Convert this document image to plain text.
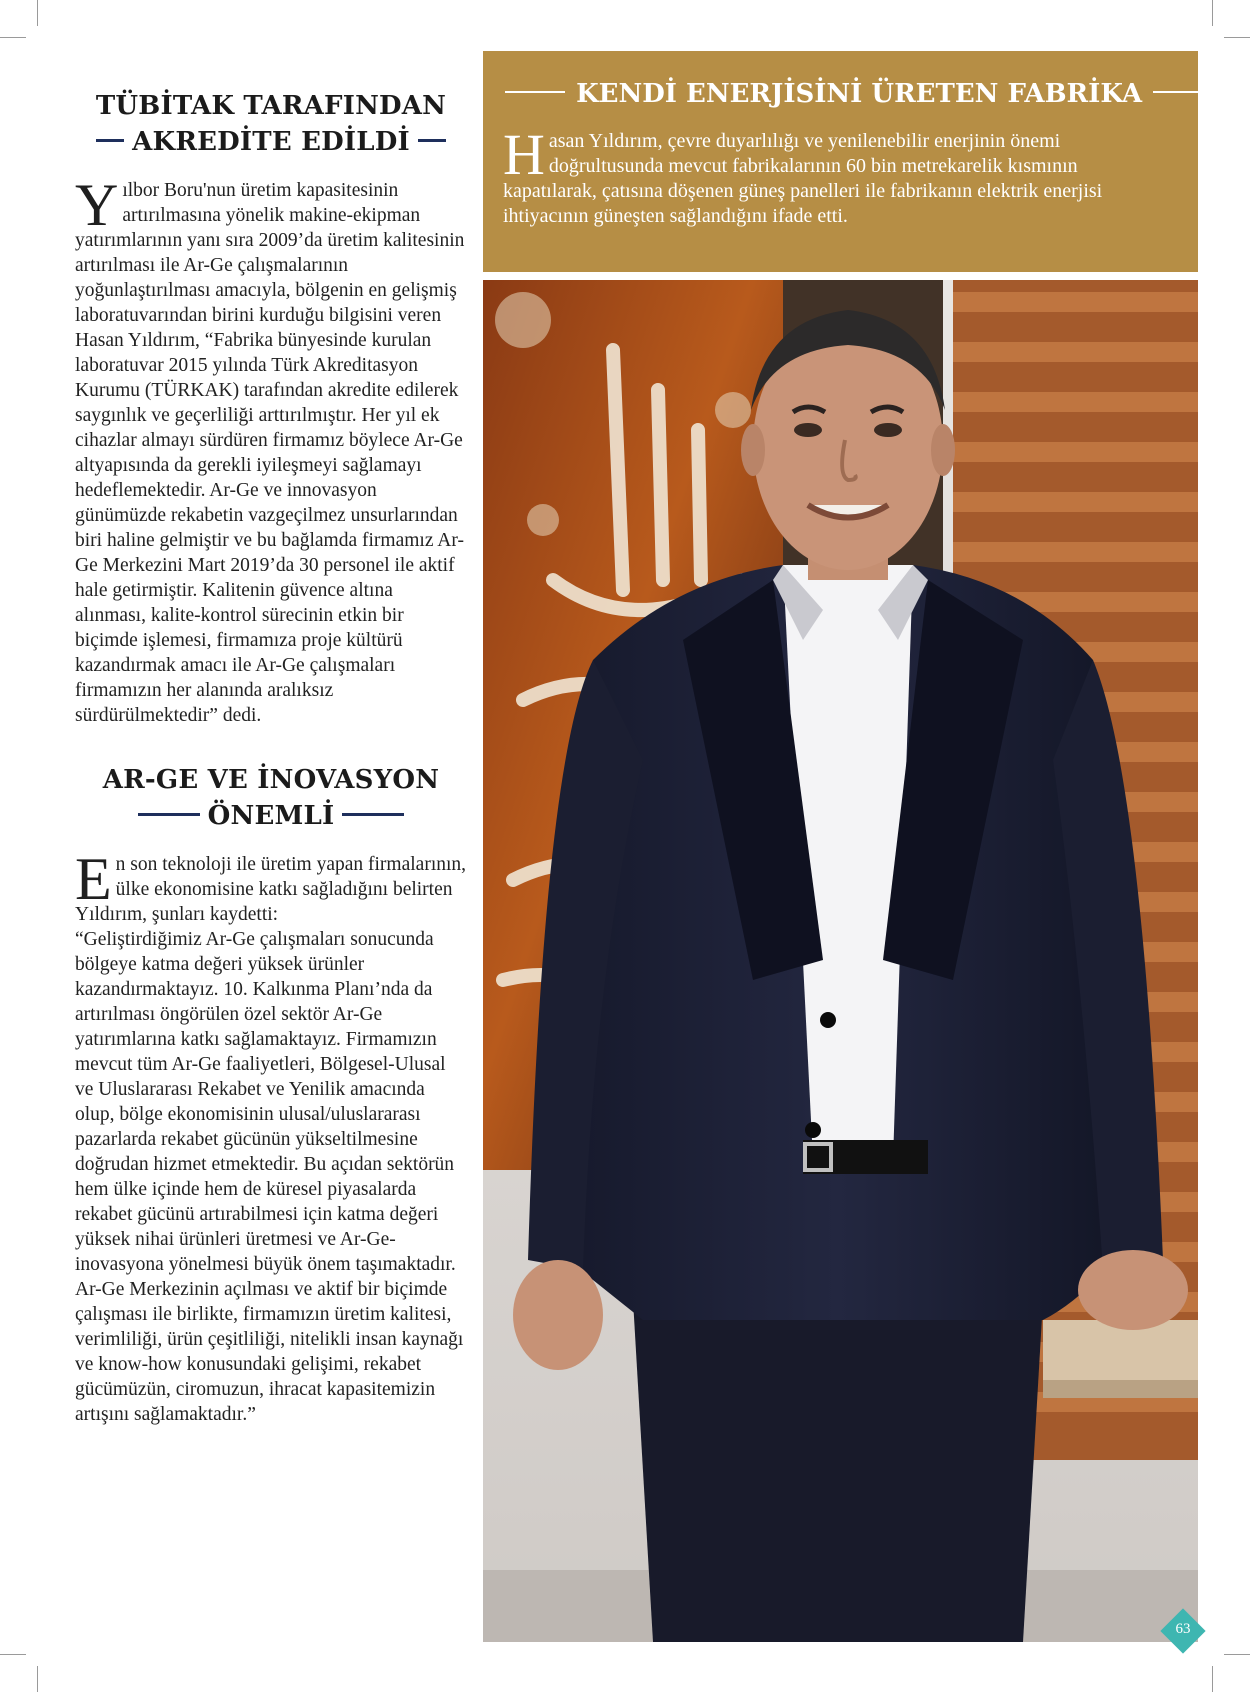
TÜBİTAK TARAFINDAN
AKREDİTE EDİLDİ
Y ılbor Boru'nun üretim kapasitesinin artırılmasına yönelik makine-ekipman yatırımlarının yanı sıra 2009’da üretim kalitesinin artırılması ile Ar-Ge çalışmalarının yoğunlaştırılması amacıyla, bölgenin en gelişmiş laboratuvarından birini kurduğu bilgisini veren Hasan Yıldırım, “Fabrika bünyesinde kurulan laboratuvar 2015 yılında Türk Akreditasyon Kurumu (TÜRKAK) tarafından akredite edilerek saygınlık ve geçerliliği arttırılmıştır. Her yıl ek cihazlar almayı sürdüren firmamız böylece Ar-Ge altyapısında da gerekli iyileşmeyi sağlamayı hedeflemektedir. Ar-Ge ve innovasyon günümüzde rekabetin vazgeçilmez unsurlarından biri haline gelmiştir ve bu bağlamda firmamız Ar-Ge Merkezini Mart 2019’da 30 personel ile aktif hale getirmiştir. Kalitenin güvence altına alınması, kalite-kontrol sürecinin etkin bir biçimde işlemesi, firmamıza proje kültürü kazandırmak amacı ile Ar-Ge çalışmaları firmamızın her alanında aralıksız sürdürülmektedir” dedi.

AR-GE VE İNOVASYON
ÖNEMLİ
E n son teknoloji ile üretim yapan firmalarının, ülke ekonomisine katkı sağladığını belirten Yıldırım, şunları kaydetti:

“Geliştirdiğimiz Ar-Ge çalışmaları sonucunda bölgeye katma değeri yüksek ürünler kazandırmaktayız. 10. Kalkınma Planı’nda da artırılması öngörülen özel sektör Ar-Ge yatırımlarına katkı sağlamaktayız. Firmamızın mevcut tüm Ar-Ge faaliyetleri, Bölgesel-Ulusal ve Uluslararası Rekabet ve Yenilik amacında olup, bölge ekonomisinin ulusal/uluslararası pazarlarda rekabet gücünün yükseltilmesine doğrudan hizmet etmektedir. Bu açıdan sektörün hem ülke içinde hem de küresel piyasalarda rekabet gücünü artırabilmesi için katma değeri yüksek nihai ürünleri üretmesi ve Ar-Ge- inovasyona yönelmesi büyük önem taşımaktadır. Ar-Ge Merkezinin açılması ve aktif bir biçimde çalışması ile birlikte, firmamızın üretim kalitesi, verimliliği, ürün çeşitliliği, nitelikli insan kaynağı ve know-how konusundaki gelişimi, rekabet gücümüzün, ciromuzun, ihracat kapasitemizin artışını sağlamaktadır.”

KENDİ ENERJİSİNİ ÜRETEN FABRİKA
Hasan Yıldırım, çevre duyarlılığı ve yenilenebilir enerjinin önemi doğrultusunda mevcut fabrikalarının 60 bin metrekarelik kısmının kapatılarak, çatısına döşenen güneş panelleri ile fabrikanın elektrik enerjisi ihtiyacının güneşten sağlandığını ifade etti.
63
